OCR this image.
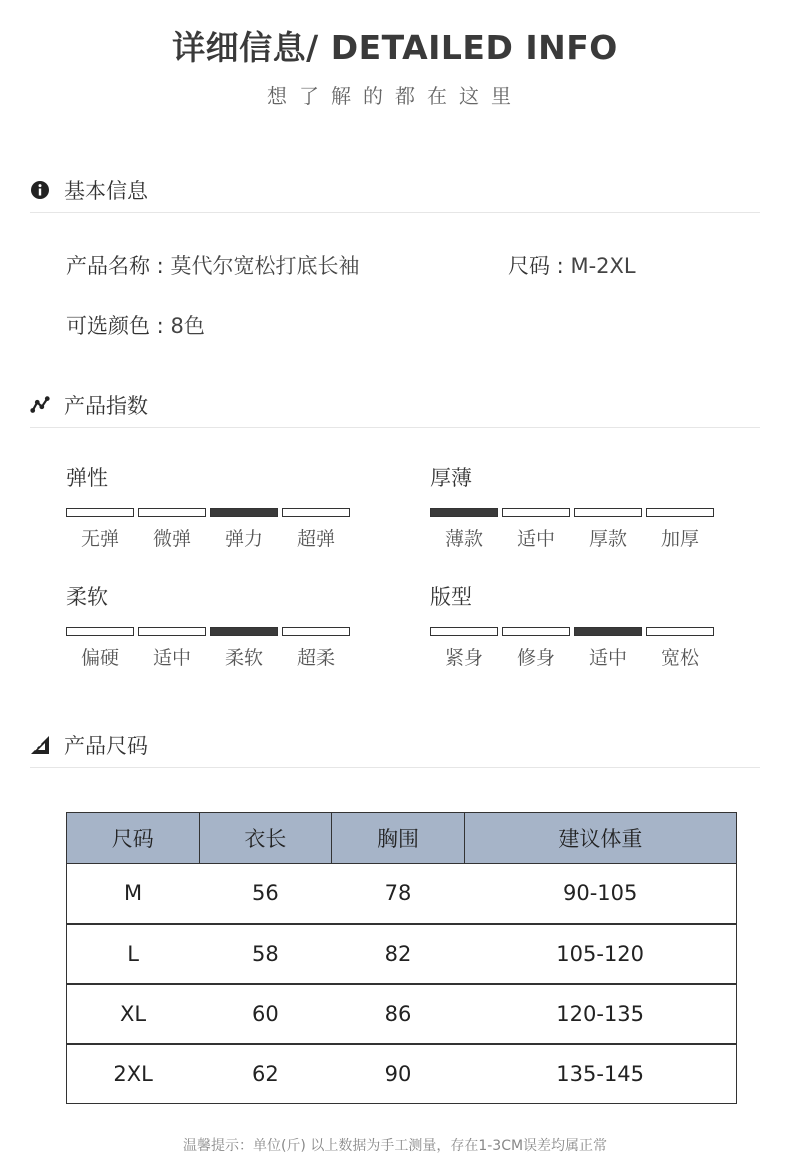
详细信息/ DETAILED INFO
想了解的都在这里
基本信息
产品名称 : 莫代尔宽松打底长袖	尺码 : M-2XL
可选颜色 : 8色
产品指数
弹性
无弹	微弹	弹力	超弹
厚薄
薄款	适中	厚款	加厚
柔软
偏硬	适中	柔软	超柔
版型
紧身	修身	适中	宽松
产品尺码
尺码	衣长	胸围	建议体重
M	56	78	90-105
L	58	82	105-120
XL	60	86	120-135
2XL	62	90	135-145
温馨提示：单位(斤) 以上数据为手工测量，存在1-3CM误差均属正常
